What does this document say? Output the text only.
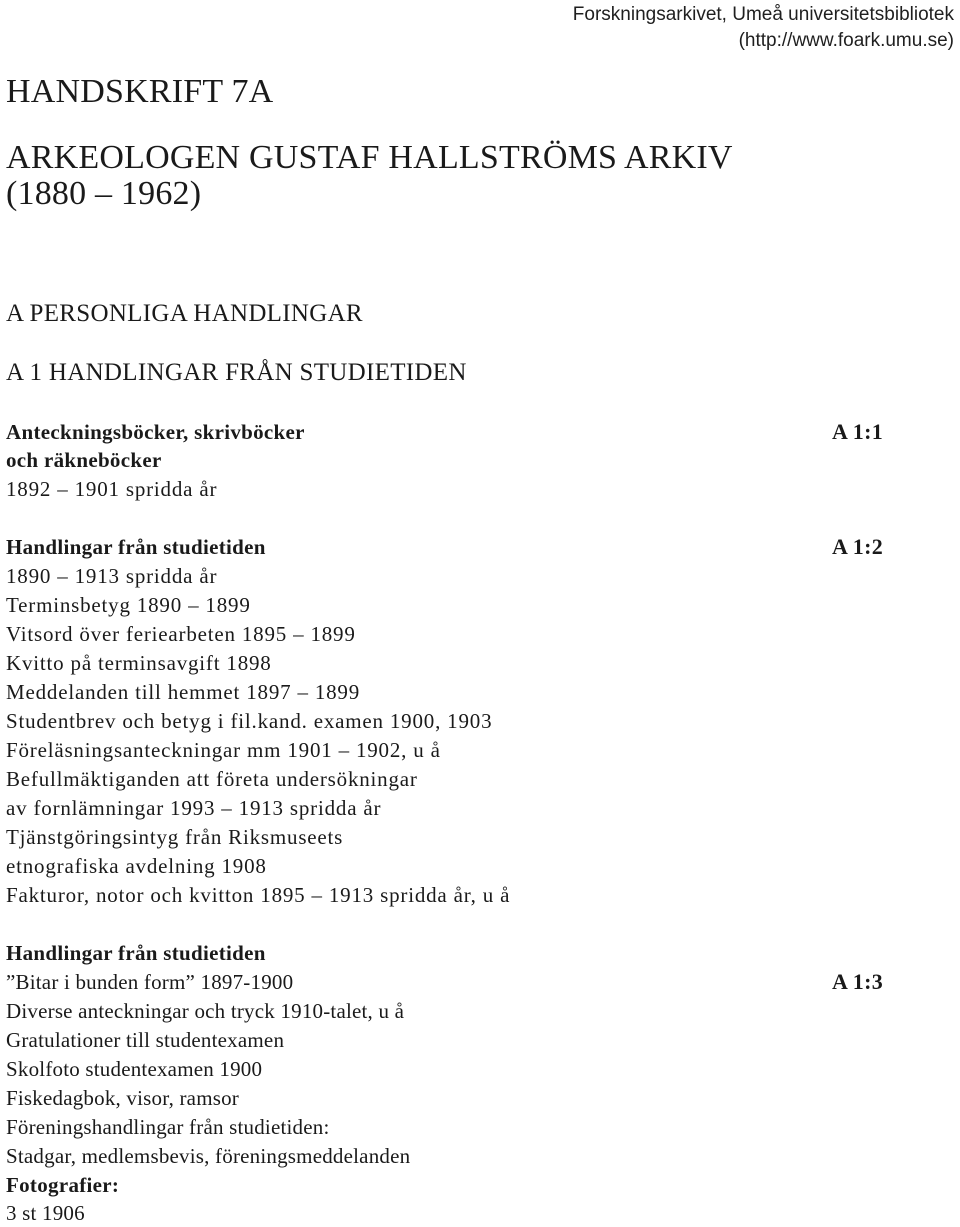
Forskningsarkivet, Umeå universitetsbibliotek
(http://www.foark.umu.se)
HANDSKRIFT 7A
ARKEOLOGEN GUSTAF HALLSTRÖMS ARKIV
(1880 – 1962)
A PERSONLIGA HANDLINGAR
A 1 HANDLINGAR FRÅN STUDIETIDEN
Anteckningsböcker, skrivböcker	A 1:1
och räkneböcker
1892 – 1901 spridda år
Handlingar från studietiden	A 1:2
1890 – 1913 spridda år
Terminsbetyg 1890 – 1899
Vitsord över feriearbeten 1895 – 1899
Kvitto på terminsavgift 1898
Meddelanden till hemmet 1897 – 1899
Studentbrev och betyg i fil.kand. examen 1900, 1903
Föreläsningsanteckningar mm 1901 – 1902, u å
Befullmäktiganden att företa undersökningar
av fornlämningar 1993 – 1913 spridda år
Tjänstgöringsintyg från Riksmuseets
etnografiska avdelning 1908
Fakturor, notor och kvitton 1895 – 1913 spridda år, u å
Handlingar från studietiden
”Bitar i bunden form” 1897-1900	A 1:3
Diverse anteckningar och tryck 1910-talet, u å
Gratulationer till studentexamen
Skolfoto studentexamen 1900
Fiskedagbok, visor, ramsor
Föreningshandlingar från studietiden:
Stadgar, medlemsbevis, föreningsmeddelanden
Fotografier:
3 st 1906
